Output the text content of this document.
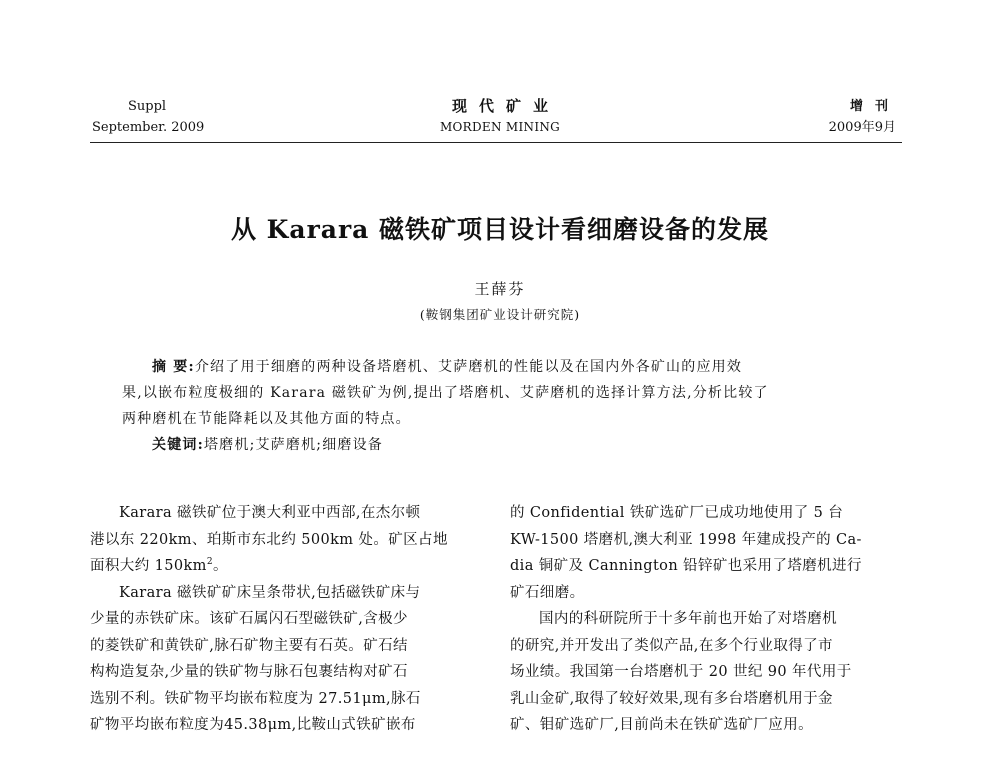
Suppl
September. 2009
现代矿业
MORDEN MINING
增刊
2009年9月
从 Karara 磁铁矿项目设计看细磨设备的发展
王薛芬
(鞍钢集团矿业设计研究院)
摘 要:介绍了用于细磨的两种设备塔磨机、艾萨磨机的性能以及在国内外各矿山的应用效
果,以嵌布粒度极细的 Karara 磁铁矿为例,提出了塔磨机、艾萨磨机的选择计算方法,分析比较了
两种磨机在节能降耗以及其他方面的特点。
关键词:塔磨机;艾萨磨机;细磨设备
Karara 磁铁矿位于澳大利亚中西部,在杰尔顿
港以东 220km、珀斯市东北约 500km 处。矿区占地
面积大约 $150km^2$。
Karara 磁铁矿矿床呈条带状,包括磁铁矿床与
少量的赤铁矿床。该矿石属闪石型磁铁矿,含极少
的菱铁矿和黄铁矿,脉石矿物主要有石英。矿石结
构构造复杂,少量的铁矿物与脉石包裹结构对矿石
选别不利。铁矿物平均嵌布粒度为 27.51μm,脉石
矿物平均嵌布粒度为45.38μm,比鞍山式铁矿嵌布
的 Confidential 铁矿选矿厂已成功地使用了 5 台
KW-1500 塔磨机,澳大利亚 1998 年建成投产的 Ca-
dia 铜矿及 Cannington 铅锌矿也采用了塔磨机进行
矿石细磨。
国内的科研院所于十多年前也开始了对塔磨机
的研究,并开发出了类似产品,在多个行业取得了市
场业绩。我国第一台塔磨机于 20 世纪 90 年代用于
乳山金矿,取得了较好效果,现有多台塔磨机用于金
矿、钼矿选矿厂,目前尚未在铁矿选矿厂应用。
